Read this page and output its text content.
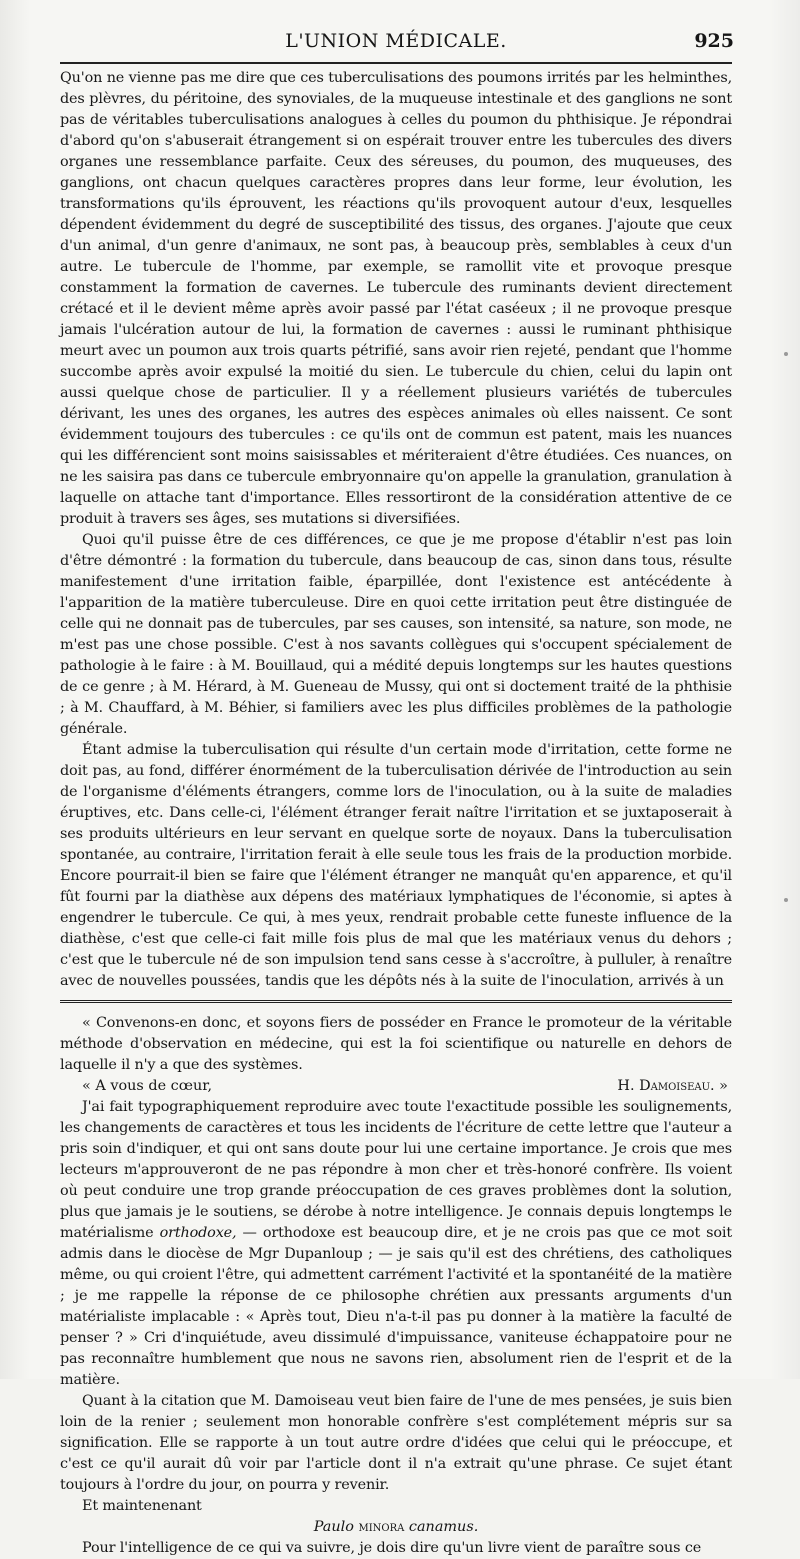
L'UNION MÉDICALE.	925

Qu'on ne vienne pas me dire que ces tuberculisations des poumons irrités par les helminthes, des plèvres, du péritoine, des synoviales, de la muqueuse intestinale et des ganglions ne sont pas de véritables tuberculisations analogues à celles du poumon du phthisique. Je répondrai d'abord qu'on s'abuserait étrangement si on espérait trouver entre les tubercules des divers organes une ressemblance parfaite. Ceux des séreuses, du poumon, des muqueuses, des ganglions, ont chacun quelques caractères propres dans leur forme, leur évolution, les transformations qu'ils éprouvent, les réactions qu'ils provoquent autour d'eux, lesquelles dépendent évidemment du degré de susceptibilité des tissus, des organes. J'ajoute que ceux d'un animal, d'un genre d'animaux, ne sont pas, à beaucoup près, semblables à ceux d'un autre. Le tubercule de l'homme, par exemple, se ramollit vite et provoque presque constamment la formation de cavernes. Le tubercule des ruminants devient directement crétacé et il le devient même après avoir passé par l'état caséeux ; il ne provoque presque jamais l'ulcération autour de lui, la formation de cavernes : aussi le ruminant phthisique meurt avec un poumon aux trois quarts pétrifié, sans avoir rien rejeté, pendant que l'homme succombe après avoir expulsé la moitié du sien. Le tubercule du chien, celui du lapin ont aussi quelque chose de particulier. Il y a réellement plusieurs variétés de tubercules dérivant, les unes des organes, les autres des espèces animales où elles naissent. Ce sont évidemment toujours des tubercules : ce qu'ils ont de commun est patent, mais les nuances qui les différencient sont moins saisissables et mériteraient d'être étudiées. Ces nuances, on ne les saisira pas dans ce tubercule embryonnaire qu'on appelle la granulation, granulation à laquelle on attache tant d'importance. Elles ressortiront de la considération attentive de ce produit à travers ses âges, ses mutations si diversifiées.

Quoi qu'il puisse être de ces différences, ce que je me propose d'établir n'est pas loin d'être démontré : la formation du tubercule, dans beaucoup de cas, sinon dans tous, résulte manifestement d'une irritation faible, éparpillée, dont l'existence est antécédente à l'apparition de la matière tuberculeuse. Dire en quoi cette irritation peut être distinguée de celle qui ne donnait pas de tubercules, par ses causes, son intensité, sa nature, son mode, ne m'est pas une chose possible. C'est à nos savants collègues qui s'occupent spécialement de pathologie à le faire : à M. Bouillaud, qui a médité depuis longtemps sur les hautes questions de ce genre ; à M. Hérard, à M. Gueneau de Mussy, qui ont si doctement traité de la phthisie ; à M. Chauffard, à M. Béhier, si familiers avec les plus difficiles problèmes de la pathologie générale.

Étant admise la tuberculisation qui résulte d'un certain mode d'irritation, cette forme ne doit pas, au fond, différer énormément de la tuberculisation dérivée de l'introduction au sein de l'organisme d'éléments étrangers, comme lors de l'inoculation, ou à la suite de maladies éruptives, etc. Dans celle-ci, l'élément étranger ferait naître l'irritation et se juxtaposerait à ses produits ultérieurs en leur servant en quelque sorte de noyaux. Dans la tuberculisation spontanée, au contraire, l'irritation ferait à elle seule tous les frais de la production morbide. Encore pourrait-il bien se faire que l'élément étranger ne manquât qu'en apparence, et qu'il fût fourni par la diathèse aux dépens des matériaux lymphatiques de l'économie, si aptes à engendrer le tubercule. Ce qui, à mes yeux, rendrait probable cette funeste influence de la diathèse, c'est que celle-ci fait mille fois plus de mal que les matériaux venus du dehors ; c'est que le tubercule né de son impulsion tend sans cesse à s'accroître, à pulluler, à renaître avec de nouvelles poussées, tandis que les dépôts nés à la suite de l'inoculation, arrivés à un

« Convenons-en donc, et soyons fiers de posséder en France le promoteur de la véritable méthode d'observation en médecine, qui est la foi scientifique ou naturelle en dehors de laquelle il n'y a que des systèmes.

« A vous de cœur,	H. Damoiseau. »

J'ai fait typographiquement reproduire avec toute l'exactitude possible les soulignements, les changements de caractères et tous les incidents de l'écriture de cette lettre que l'auteur a pris soin d'indiquer, et qui ont sans doute pour lui une certaine importance. Je crois que mes lecteurs m'approuveront de ne pas répondre à mon cher et très-honoré confrère. Ils voient où peut conduire une trop grande préoccupation de ces graves problèmes dont la solution, plus que jamais je le soutiens, se dérobe à notre intelligence. Je connais depuis longtemps le matérialisme orthodoxe, — orthodoxe est beaucoup dire, et je ne crois pas que ce mot soit admis dans le diocèse de Mgr Dupanloup ; — je sais qu'il est des chrétiens, des catholiques même, ou qui croient l'être, qui admettent carrément l'activité et la spontanéité de la matière ; je me rappelle la réponse de ce philosophe chrétien aux pressants arguments d'un matérialiste implacable : « Après tout, Dieu n'a-t-il pas pu donner à la matière la faculté de penser ? » Cri d'inquiétude, aveu dissimulé d'impuissance, vaniteuse échappatoire pour ne pas reconnaître humblement que nous ne savons rien, absolument rien de l'esprit et de la matière.

Quant à la citation que M. Damoiseau veut bien faire de l'une de mes pensées, je suis bien loin de la renier ; seulement mon honorable confrère s'est complétement mépris sur sa signification. Elle se rapporte à un tout autre ordre d'idées que celui qui le préoccupe, et c'est ce qu'il aurait dû voir par l'article dont il n'a extrait qu'une phrase. Ce sujet étant toujours à l'ordre du jour, on pourra y revenir.

Et maintenenant

Paulo minora canamus.

Pour l'intelligence de ce qui va suivre, je dois dire qu'un livre vient de paraître sous ce
